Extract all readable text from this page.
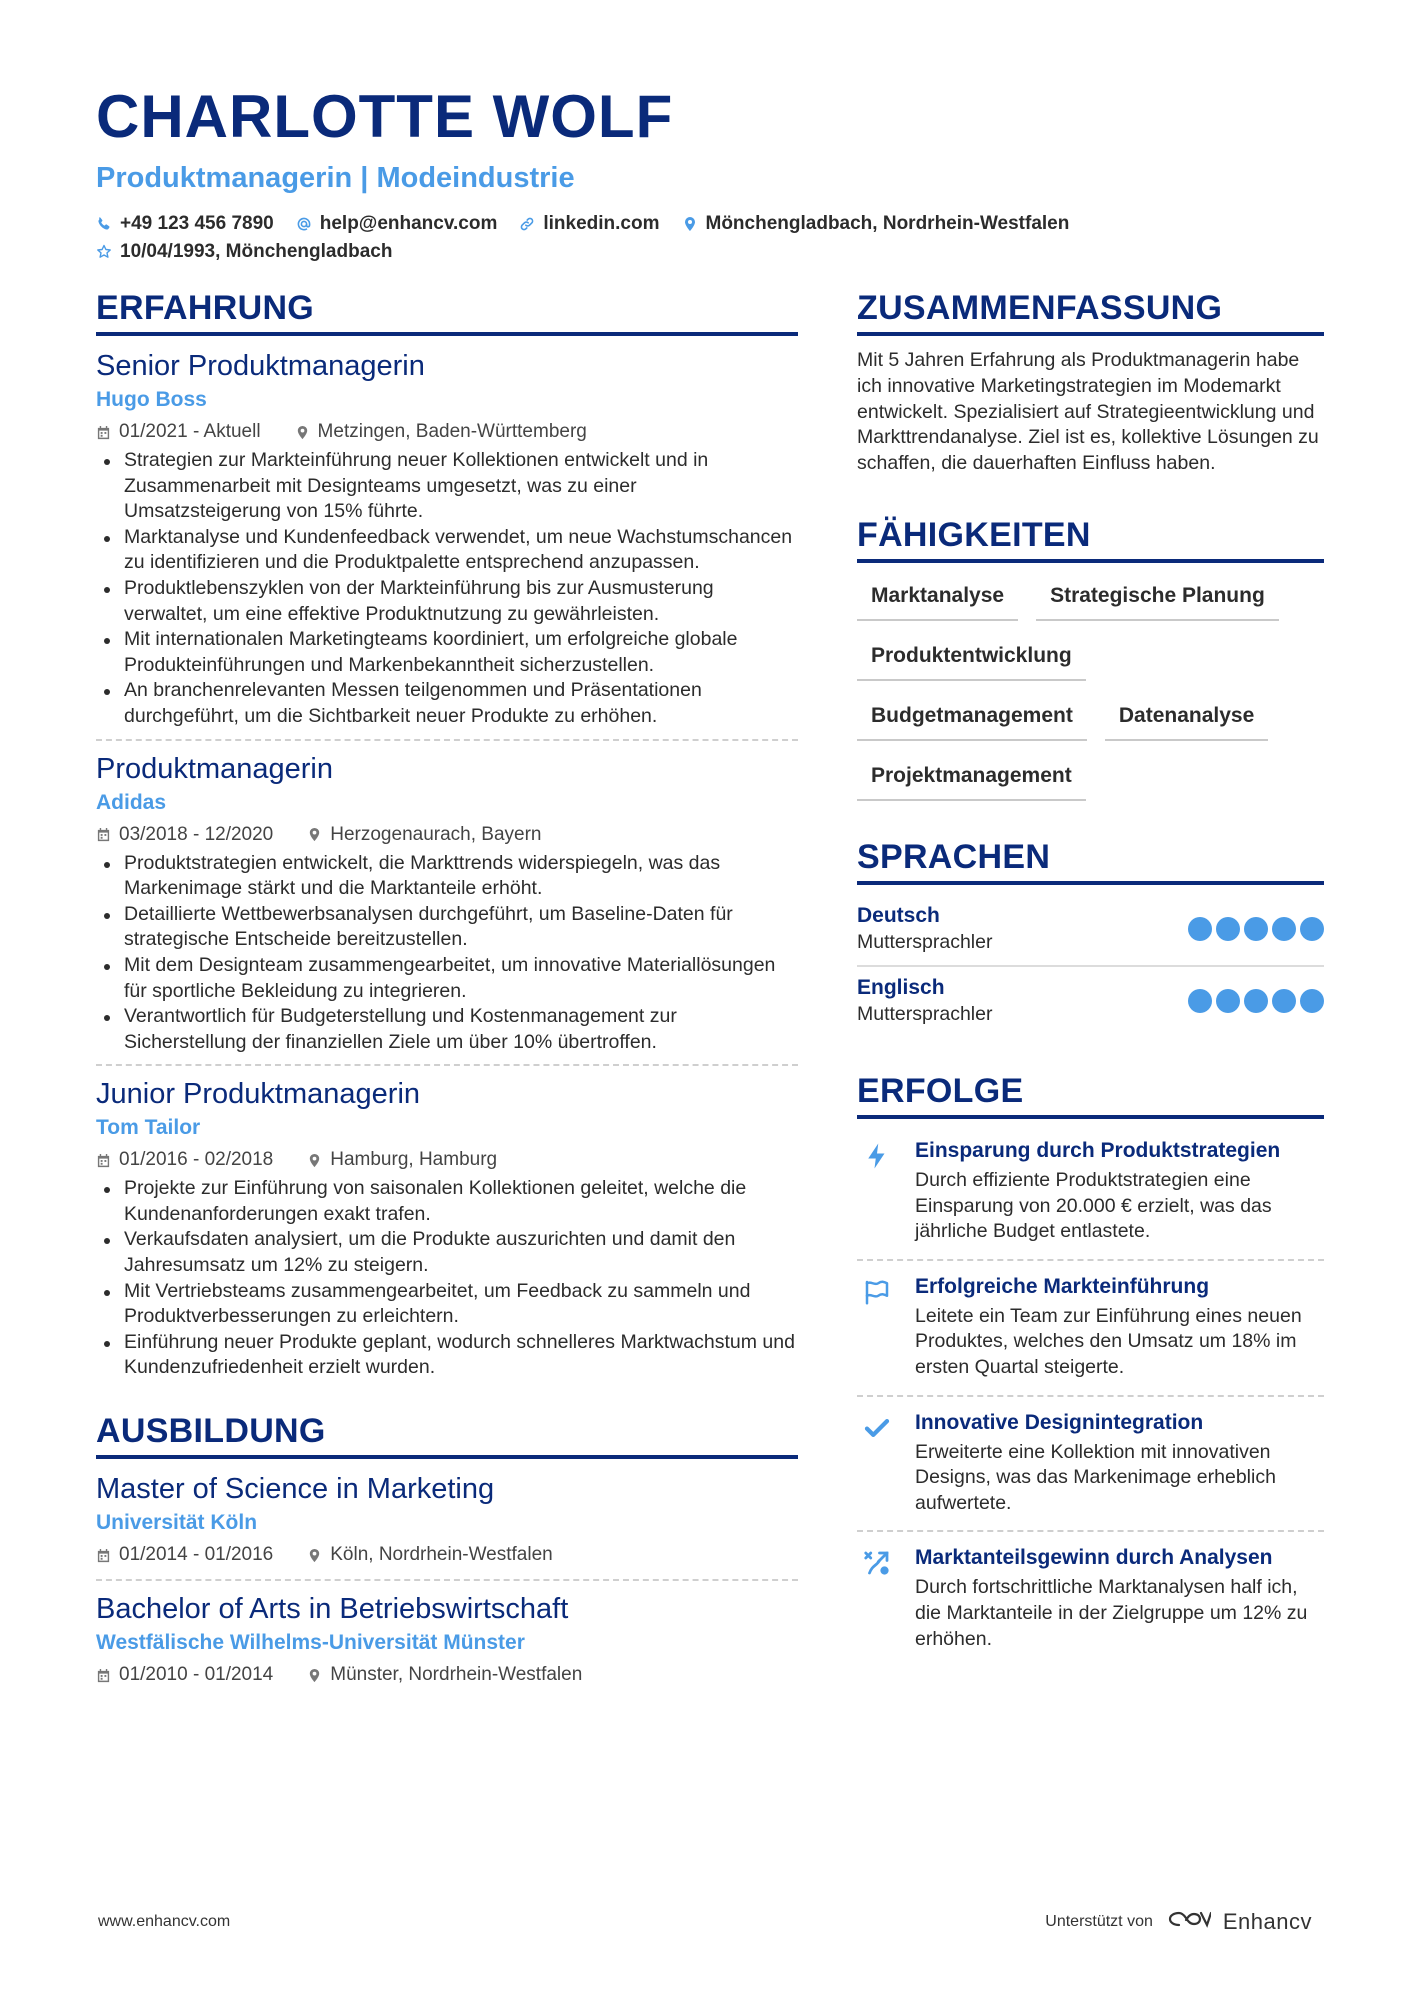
CHARLOTTE WOLF
Produktmanagerin | Modeindustrie
+49 123 456 7890 help@enhancv.com linkedin.com Mönchengladbach, Nordrhein-Westfalen
10/04/1993, Mönchengladbach
ERFAHRUNG
Senior Produktmanagerin
Hugo Boss
01/2021 - Aktuell	Metzingen, Baden-Württemberg
Strategien zur Markteinführung neuer Kollektionen entwickelt und in Zusammenarbeit mit Designteams umgesetzt, was zu einer Umsatzsteigerung von 15% führte.
Marktanalyse und Kundenfeedback verwendet, um neue Wachstumschancen zu identifizieren und die Produktpalette entsprechend anzupassen.
Produktlebenszyklen von der Markteinführung bis zur Ausmusterung verwaltet, um eine effektive Produktnutzung zu gewährleisten.
Mit internationalen Marketingteams koordiniert, um erfolgreiche globale Produkteinführungen und Markenbekanntheit sicherzustellen.
An branchenrelevanten Messen teilgenommen und Präsentationen durchgeführt, um die Sichtbarkeit neuer Produkte zu erhöhen.
Produktmanagerin
Adidas
03/2018 - 12/2020	Herzogenaurach, Bayern
Produktstrategien entwickelt, die Markttrends widerspiegeln, was das Markenimage stärkt und die Marktanteile erhöht.
Detaillierte Wettbewerbsanalysen durchgeführt, um Baseline-Daten für strategische Entscheide bereitzustellen.
Mit dem Designteam zusammengearbeitet, um innovative Materiallösungen für sportliche Bekleidung zu integrieren.
Verantwortlich für Budgeterstellung und Kostenmanagement zur Sicherstellung der finanziellen Ziele um über 10% übertroffen.
Junior Produktmanagerin
Tom Tailor
01/2016 - 02/2018	Hamburg, Hamburg
Projekte zur Einführung von saisonalen Kollektionen geleitet, welche die Kundenanforderungen exakt trafen.
Verkaufsdaten analysiert, um die Produkte auszurichten und damit den Jahresumsatz um 12% zu steigern.
Mit Vertriebsteams zusammengearbeitet, um Feedback zu sammeln und Produktverbesserungen zu erleichtern.
Einführung neuer Produkte geplant, wodurch schnelleres Marktwachstum und Kundenzufriedenheit erzielt wurden.
AUSBILDUNG
Master of Science in Marketing
Universität Köln
01/2014 - 01/2016	Köln, Nordrhein-Westfalen
Bachelor of Arts in Betriebswirtschaft
Westfälische Wilhelms-Universität Münster
01/2010 - 01/2014	Münster, Nordrhein-Westfalen
ZUSAMMENFASSUNG
Mit 5 Jahren Erfahrung als Produktmanagerin habe ich innovative Marketingstrategien im Modemarkt entwickelt. Spezialisiert auf Strategieentwicklung und Markttrendanalyse. Ziel ist es, kollektive Lösungen zu schaffen, die dauerhaften Einfluss haben.
FÄHIGKEITEN
Marktanalyse	Strategische Planung
Produktentwicklung
Budgetmanagement	Datenanalyse
Projektmanagement
SPRACHEN
Deutsch
Muttersprachler
Englisch
Muttersprachler
ERFOLGE
Einsparung durch Produktstrategien
Durch effiziente Produktstrategien eine Einsparung von 20.000 € erzielt, was das jährliche Budget entlastete.
Erfolgreiche Markteinführung
Leitete ein Team zur Einführung eines neuen Produktes, welches den Umsatz um 18% im ersten Quartal steigerte.
Innovative Designintegration
Erweiterte eine Kollektion mit innovativen Designs, was das Markenimage erheblich aufwertete.
Marktanteilsgewinn durch Analysen
Durch fortschrittliche Marktanalysen half ich, die Marktanteile in der Zielgruppe um 12% zu erhöhen.
www.enhancv.com	Unterstützt von	Enhancv
